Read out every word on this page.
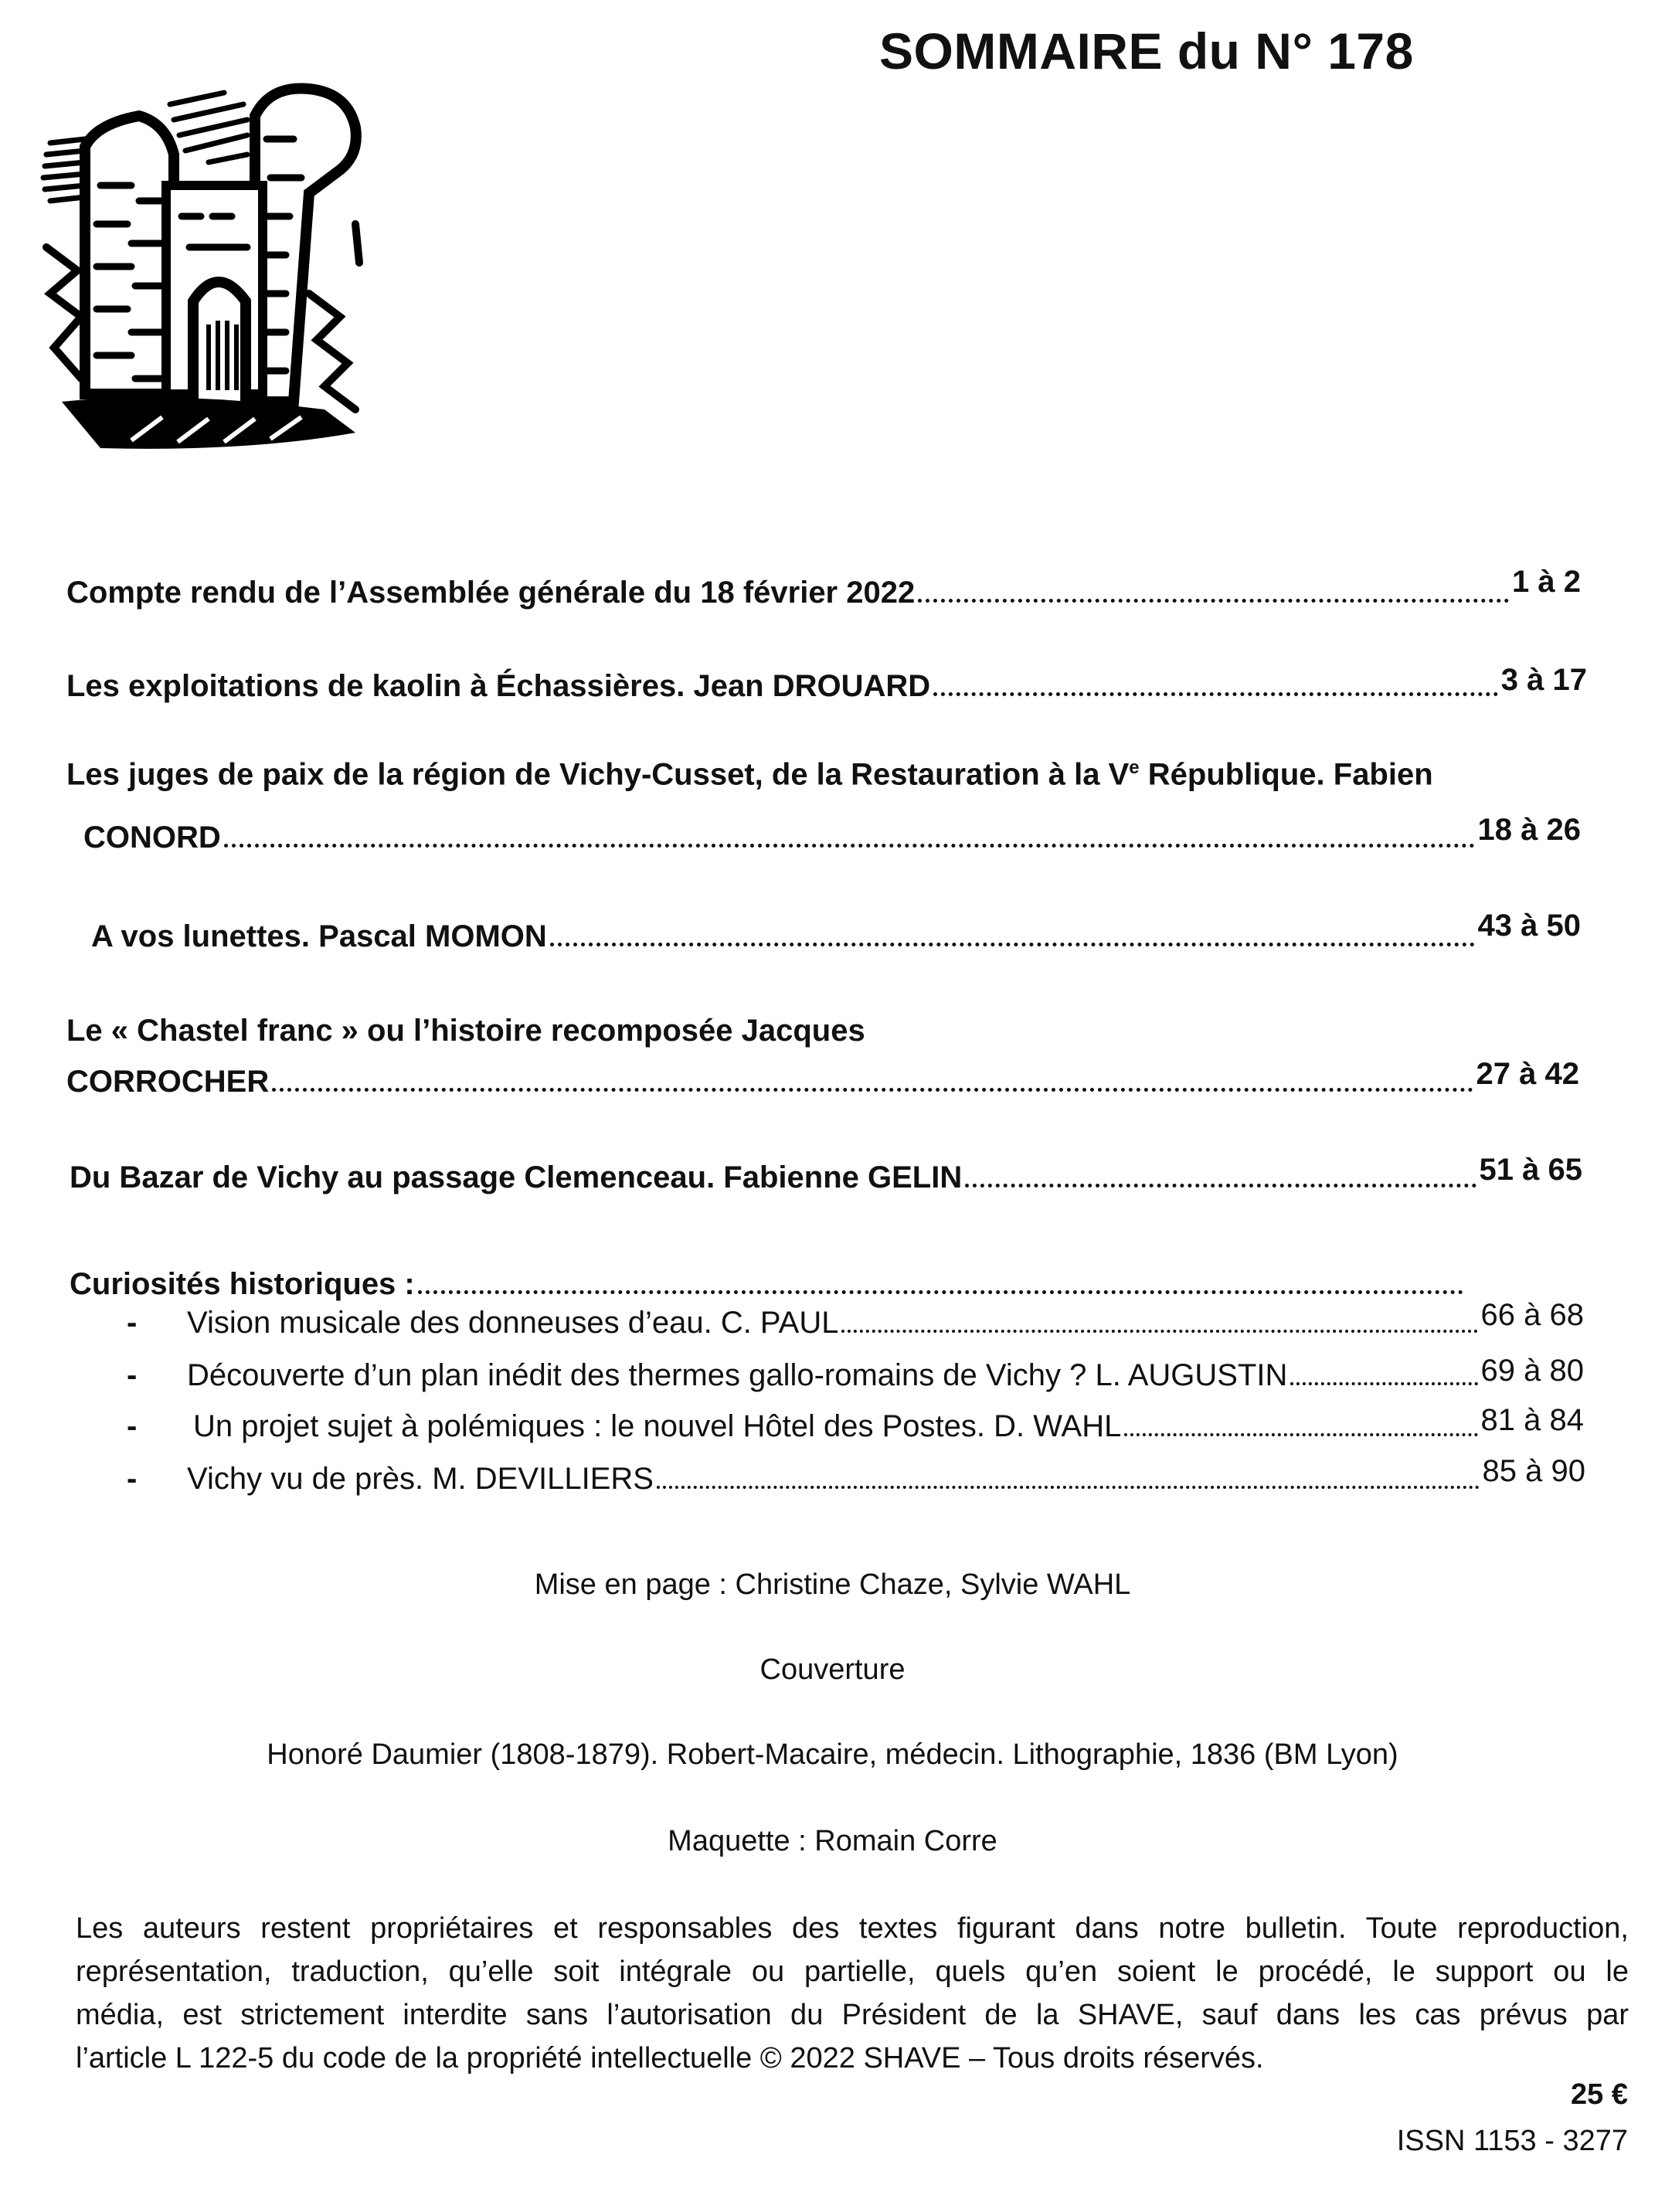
SOMMAIRE du N° 178
Compte rendu de l’Assemblée générale du 18 février 2022	1 à 2
Les exploitations de kaolin à Échassières. Jean DROUARD	3 à 17
Les juges de paix de la région de Vichy-Cusset, de la Restauration à la Ve République. Fabien
CONORD	18 à 26
A vos lunettes. Pascal MOMON	43 à 50
Le « Chastel franc » ou l’histoire recomposée Jacques
CORROCHER	27 à 42
Du Bazar de Vichy au passage Clemenceau. Fabienne GELIN	51 à 65
Curiosités historiques :
- Vision musicale des donneuses d’eau. C. PAUL	66 à 68
- Découverte d’un plan inédit des thermes gallo-romains de Vichy ? L. AUGUSTIN	69 à 80
- Un projet sujet à polémiques : le nouvel Hôtel des Postes. D. WAHL	81 à 84
- Vichy vu de près. M. DEVILLIERS	85 à 90
Mise en page : Christine Chaze, Sylvie WAHL
Couverture
Honoré Daumier (1808-1879). Robert-Macaire, médecin. Lithographie, 1836 (BM Lyon)
Maquette : Romain Corre
Les auteurs restent propriétaires et responsables des textes figurant dans notre bulletin. Toute reproduction,
représentation, traduction, qu’elle soit intégrale ou partielle, quels qu’en soient le procédé, le support ou le
média, est strictement interdite sans l’autorisation du Président de la SHAVE, sauf dans les cas prévus par
l’article L 122-5 du code de la propriété intellectuelle © 2022 SHAVE – Tous droits réservés.
25 €
ISSN 1153 - 3277
